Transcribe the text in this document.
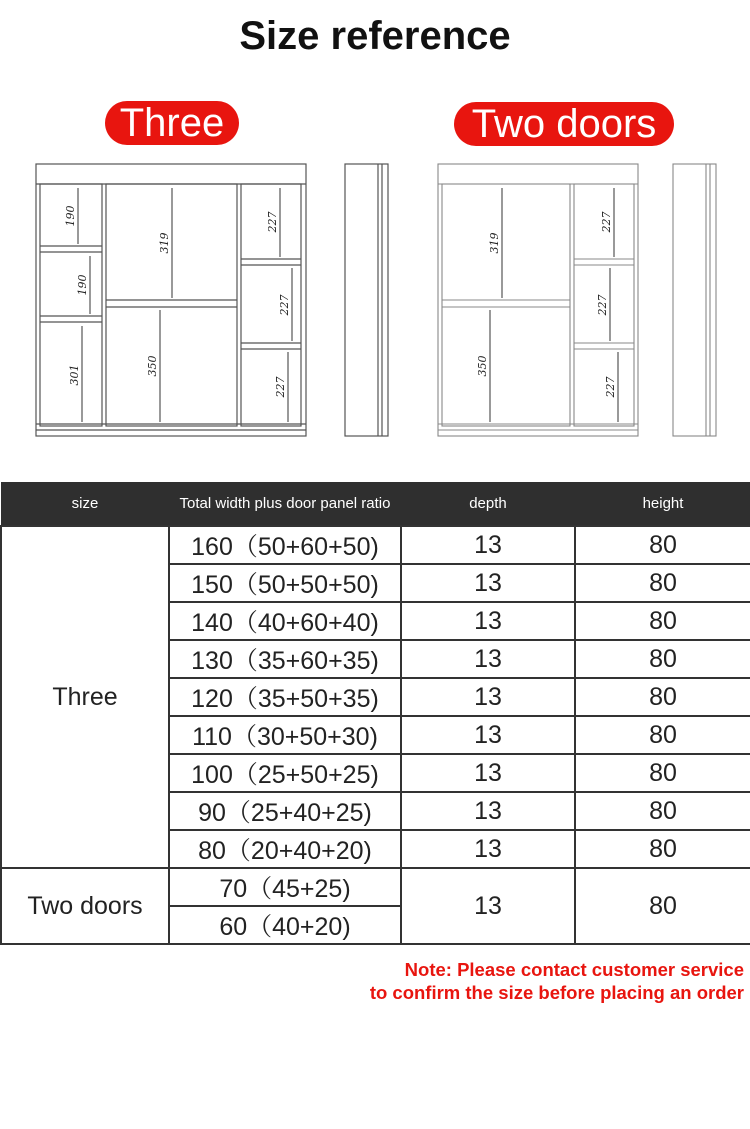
Size reference
Three	Two doors
190
190
301
319
350
227
227
227
319
350
227
227
227
size	Total width plus door panel ratio	depth	height
Three	160（50+60+50)	13	80
	150（50+50+50)	13	80
	140（40+60+40)	13	80
	130（35+60+35)	13	80
	120（35+50+35)	13	80
	110（30+50+30)	13	80
	100（25+50+25)	13	80
	90（25+40+25)	13	80
	80（20+40+20)	13	80
Two doors	70（45+25)	13	80
	60（40+20)		
Note: Please contact customer service
to confirm the size before placing an order
